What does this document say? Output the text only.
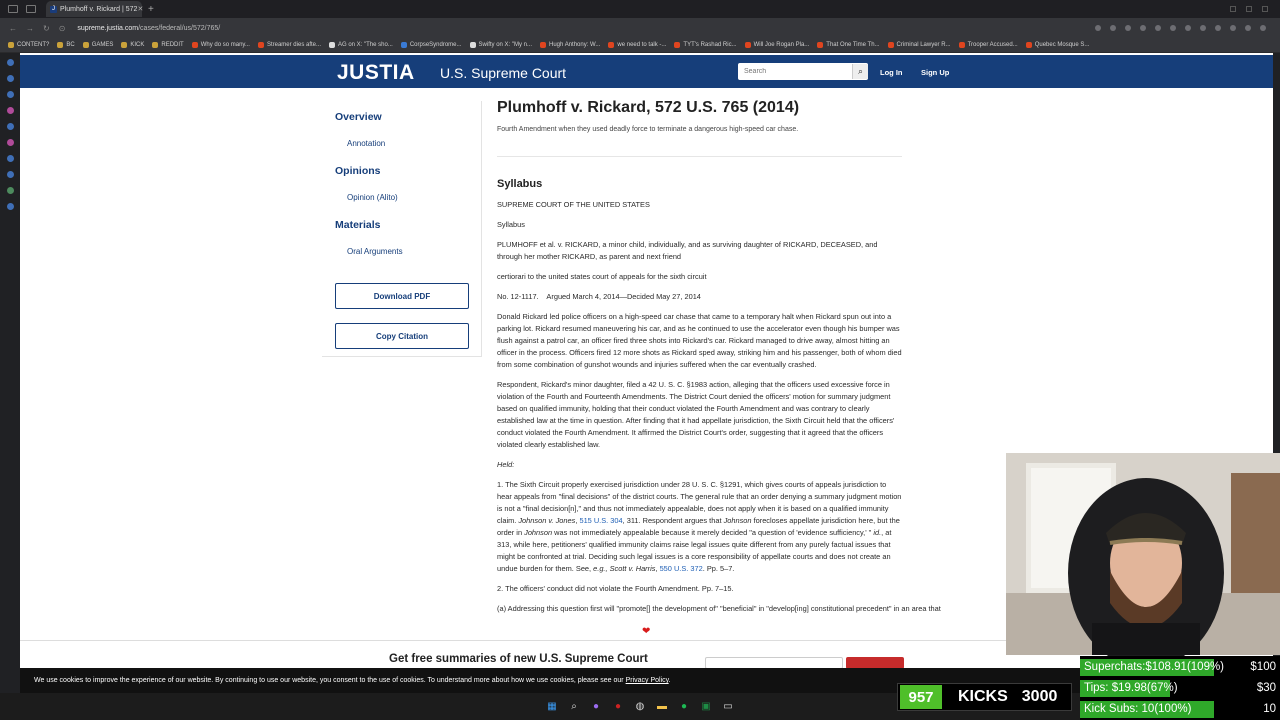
J Plumhoff v. Rickard | 572 ✕ +
← → ↻ ⊙ supreme.justia.com/cases/federal/us/572/765/
CONTENT?	BC	GAMES	KICK	REDDIT	Why do so many...	Streamer dies afte...	AG on X: "The sho...	CorpseSyndrome...	Swifty on X: "My n...	Hugh Anthony: W...	we need to talk -...	TYT's Rashad Ric...	Will Joe Rogan Pla...	That One Time Th...	Criminal Lawyer R...	Trooper Accused...	Quebec Mosque S...
JUSTIA U.S. Supreme Court
Search	⌕	Log In Sign Up
Overview
Annotation
Opinions
Opinion (Alito)
Materials
Oral Arguments
Download PDF
Copy Citation
Plumhoff v. Rickard, 572 U.S. 765 (2014)
Fourth Amendment when they used deadly force to terminate a dangerous high-speed car chase.
Syllabus

SUPREME COURT OF THE UNITED STATES

Syllabus

PLUMHOFF et al. v. RICKARD, a minor child, individually, and as surviving daughter of RICKARD, DECEASED, and through her mother RICKARD, as parent and next friend

certiorari to the united states court of appeals for the sixth circuit

No. 12-1117.    Argued March 4, 2014—Decided May 27, 2014

Donald Rickard led police officers on a high-speed car chase that came to a temporary halt when Rickard spun out into a parking lot. Rickard resumed maneuvering his car, and as he continued to use the accelerator even though his bumper was flush against a patrol car, an officer fired three shots into Rickard's car. Rickard managed to drive away, almost hitting an officer in the process. Officers fired 12 more shots as Rickard sped away, striking him and his passenger, both of whom died from some combination of gunshot wounds and injuries suffered when the car eventually crashed.

Respondent, Rickard's minor daughter, filed a 42 U. S. C. §1983 action, alleging that the officers used excessive force in violation of the Fourth and Fourteenth Amendments. The District Court denied the officers' motion for summary judgment based on qualified immunity, holding that their conduct violated the Fourth Amendment and was contrary to clearly established law at the time in question. After finding that it had appellate jurisdiction, the Sixth Circuit held that the officers' conduct violated the Fourth Amendment. It affirmed the District Court's order, suggesting that it agreed that the officers violated clearly established law.

Held:

1. The Sixth Circuit properly exercised jurisdiction under 28 U. S. C. §1291, which gives courts of appeals jurisdiction to hear appeals from "final decisions" of the district courts. The general rule that an order denying a summary judgment motion is not a "final decision[n]," and thus not immediately appealable, does not apply when it is based on a qualified immunity claim. Johnson v. Jones, 515 U.S. 304, 311. Respondent argues that Johnson forecloses appellate jurisdiction here, but the order in Johnson was not immediately appealable because it merely decided "a question of 'evidence sufficiency,' " id., at 313, while here, petitioners' qualified immunity claims raise legal issues quite different from any purely factual issues that might be confronted at trial. Deciding such legal issues is a core responsibility of appellate courts and does not create an undue burden for them. See, e.g., Scott v. Harris, 550 U.S. 372. Pp. 5–7.

2. The officers' conduct did not violate the Fourth Amendment. Pp. 7–15.

(a) Addressing this question first will "promote[] the development of" "beneficial" in "develop[ing] constitutional precedent" in an area that

❤
Get free summaries of new U.S. Supreme Court
We use cookies to improve the experience of our website. By continuing to use our website, you consent to the use of cookies. To understand more about how we use cookies, please see our Privacy Policy.
▦	⌕	●	●	◍ ▬	●	▣ ▭
957	KICKS 3000
Superchats:$108.91(109%) $100
Tips: $19.98(67%)	$30
Kick Subs: 10(100%)	10
